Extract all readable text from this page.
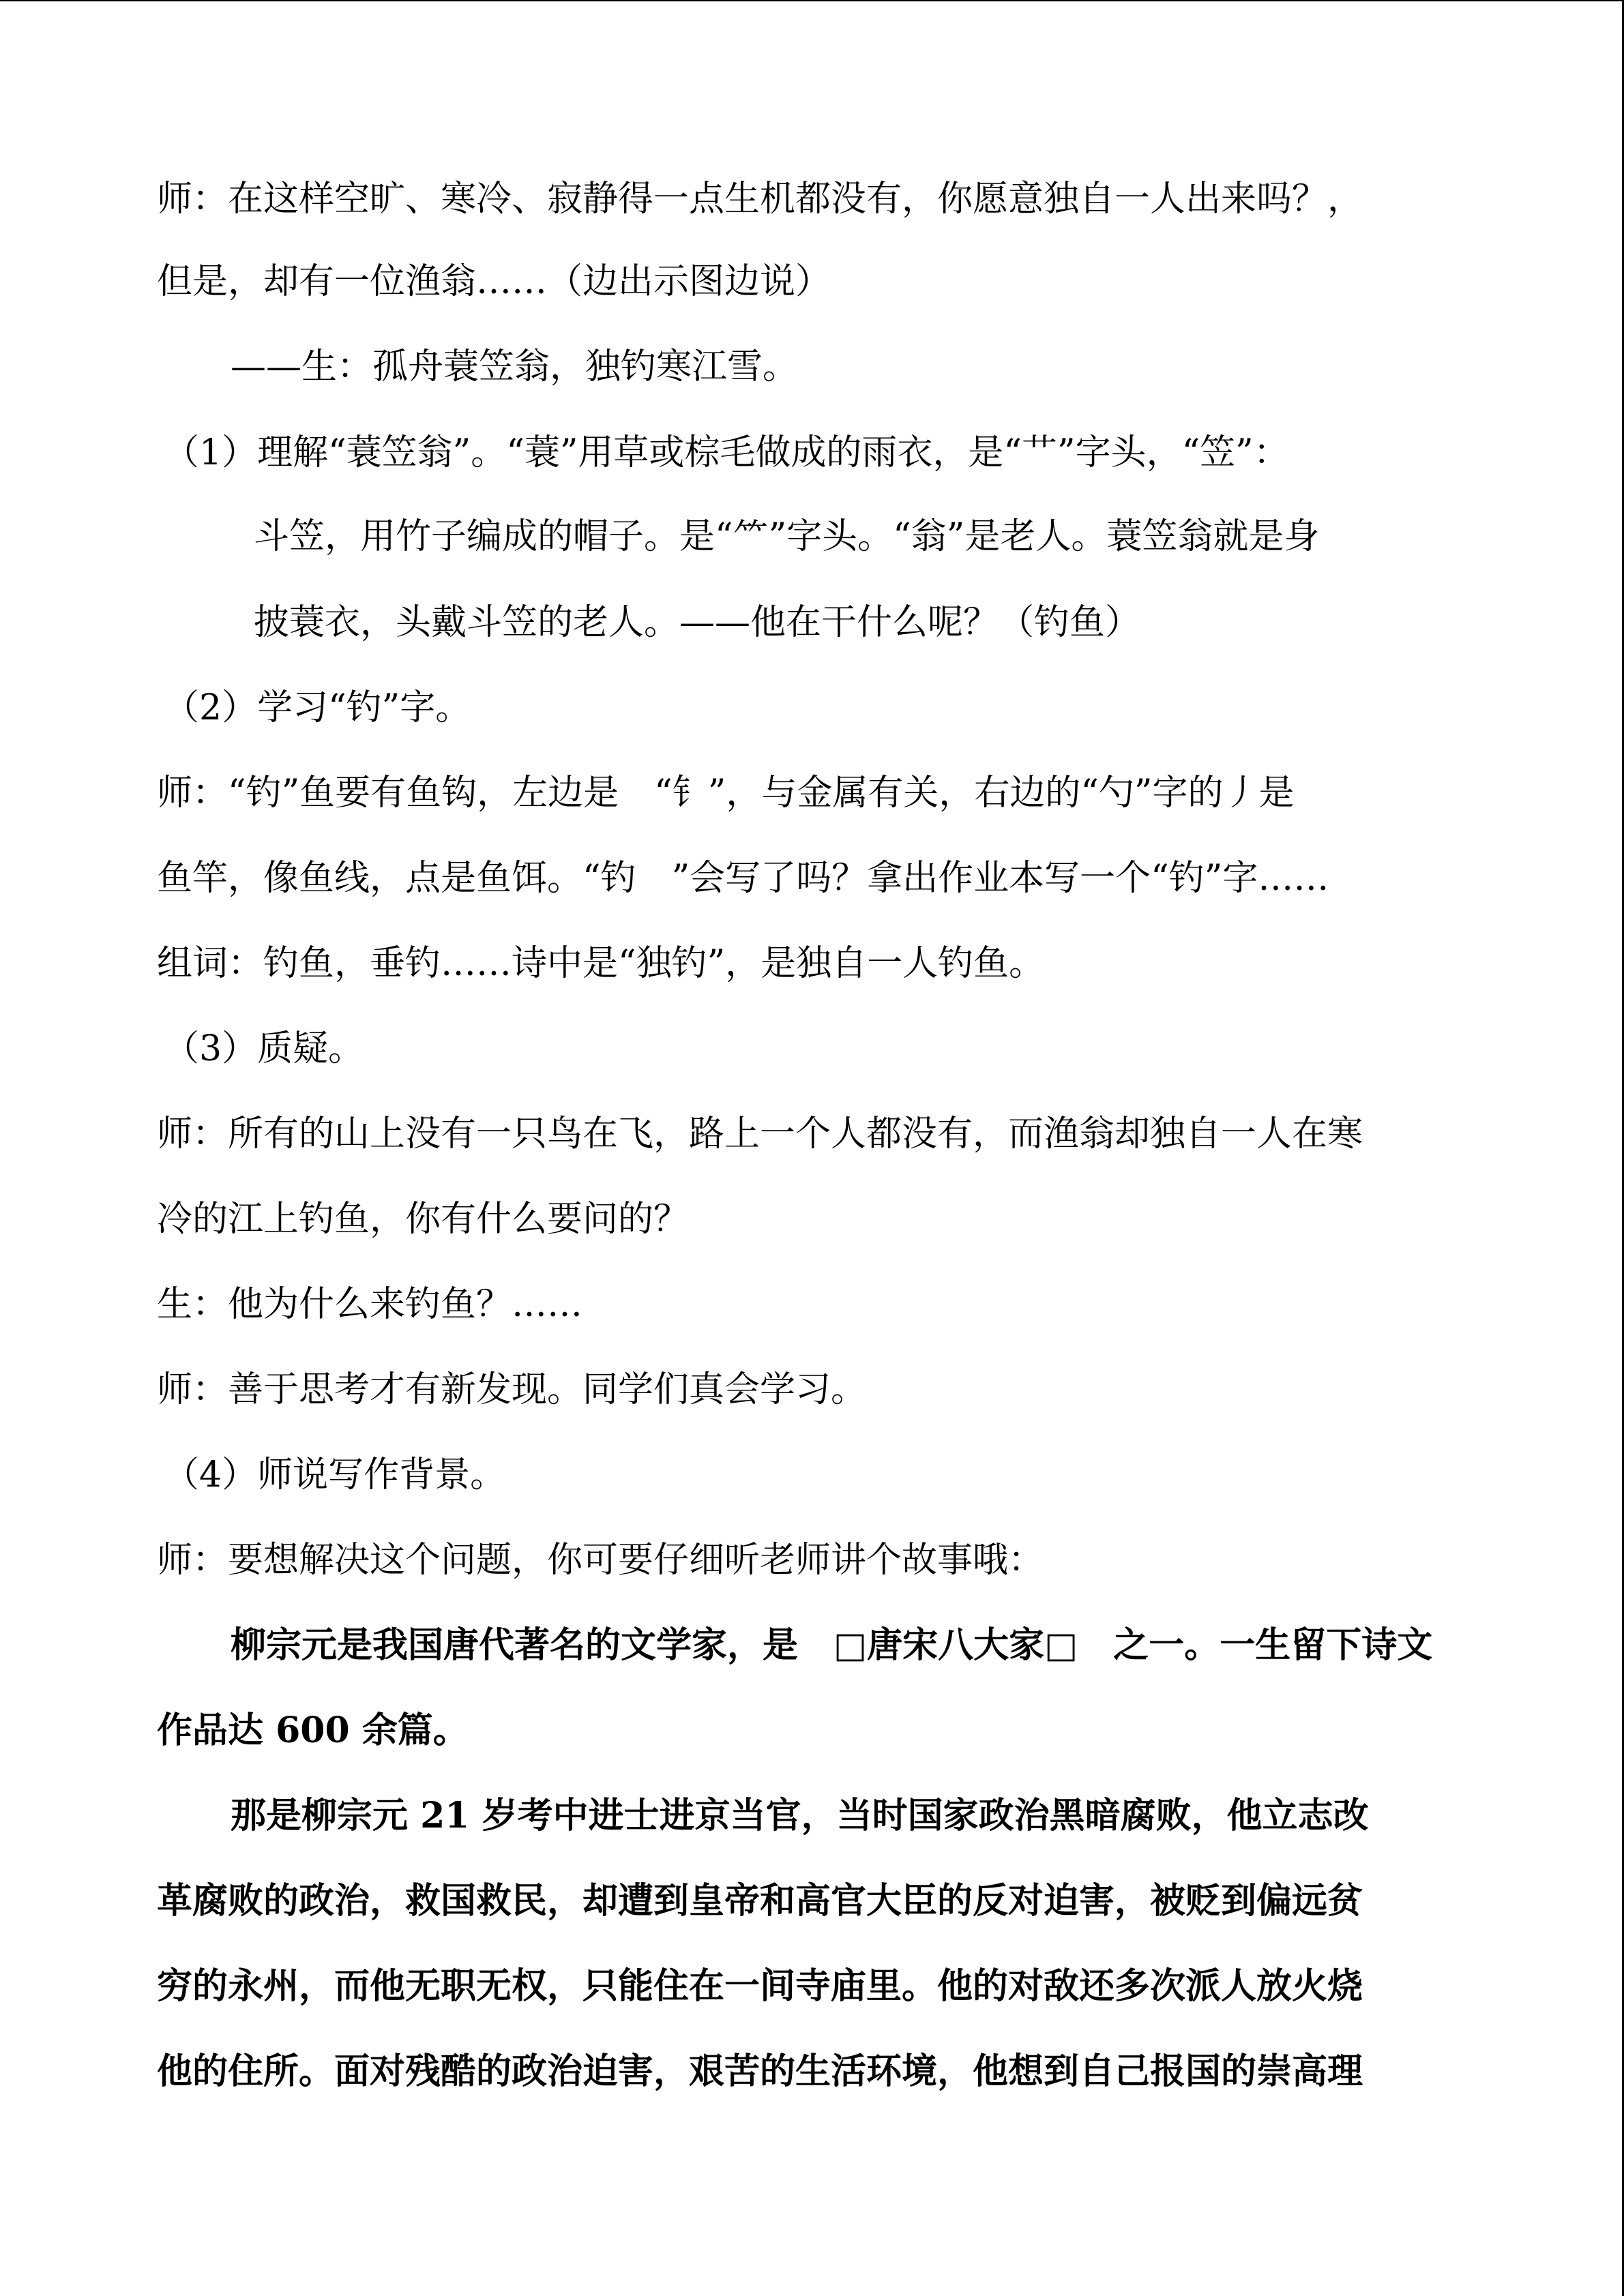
师：在这样空旷、寒冷、寂静得一点生机都没有，你愿意独自一人出来吗？，
但是，却有一位渔翁……（边出示图边说）
——生：孤舟蓑笠翁，独钓寒江雪。
（1）理解“蓑笠翁”。“蓑”用草或棕毛做成的雨衣，是“艹”字头，“笠”：
斗笠，用竹子编成的帽子。是“⺮”字头。“翁”是老人。蓑笠翁就是身
披蓑衣，头戴斗笠的老人。——他在干什么呢？（钓鱼）
（2）学习“钓”字。
师：“钓”鱼要有鱼钩，左边是　“钅”，与金属有关，右边的“勺”字的丿是
鱼竿，像鱼线，点是鱼饵。“钓　”会写了吗？拿出作业本写一个“钓”字……
组词：钓鱼，垂钓……诗中是“独钓”，是独自一人钓鱼。
（3）质疑。
师：所有的山上没有一只鸟在飞，路上一个人都没有，而渔翁却独自一人在寒
冷的江上钓鱼，你有什么要问的？
生：他为什么来钓鱼？……
师：善于思考才有新发现。同学们真会学习。
（4）师说写作背景。
师：要想解决这个问题，你可要仔细听老师讲个故事哦：
柳宗元是我国唐代著名的文学家，是　□唐宋八大家□　之一。一生留下诗文
作品达 600 余篇。
那是柳宗元 21 岁考中进士进京当官，当时国家政治黑暗腐败，他立志改
革腐败的政治，救国救民，却遭到皇帝和高官大臣的反对迫害，被贬到偏远贫
穷的永州，而他无职无权，只能住在一间寺庙里。他的对敌还多次派人放火烧
他的住所。面对残酷的政治迫害，艰苦的生活环境，他想到自己报国的崇高理
